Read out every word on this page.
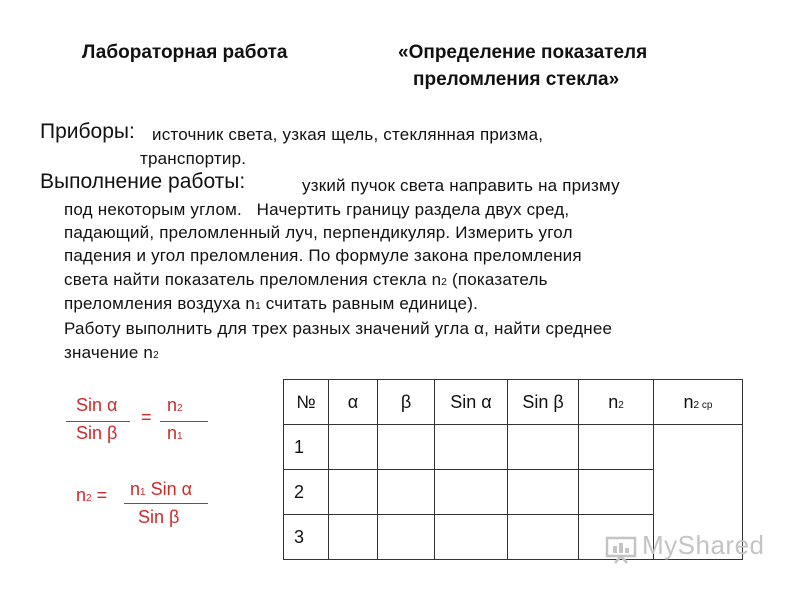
Лабораторная работа	«Определение показателя
преломления стекла»
Приборы: источник света, узкая щель, стеклянная призма,
транспортир.
Выполнение работы:	узкий пучок света направить на призму
под некоторым углом.   Начертить границу раздела двух сред,
падающий, преломленный луч, перпендикуляр. Измерить угол
падения и угол преломления. По формуле закона преломления
света найти показатель преломления стекла n2 (показатель
преломления воздуха n1 считать равным единице).
Работу выполнить для трех разных значений угла α, найти среднее
значение n2
Sin α
Sin β
=
n2
n1
n2 = n1 Sin α
Sin β
№	α	β	Sin α	Sin β	n2	n2 ср
1						
2						
3							MyShared
